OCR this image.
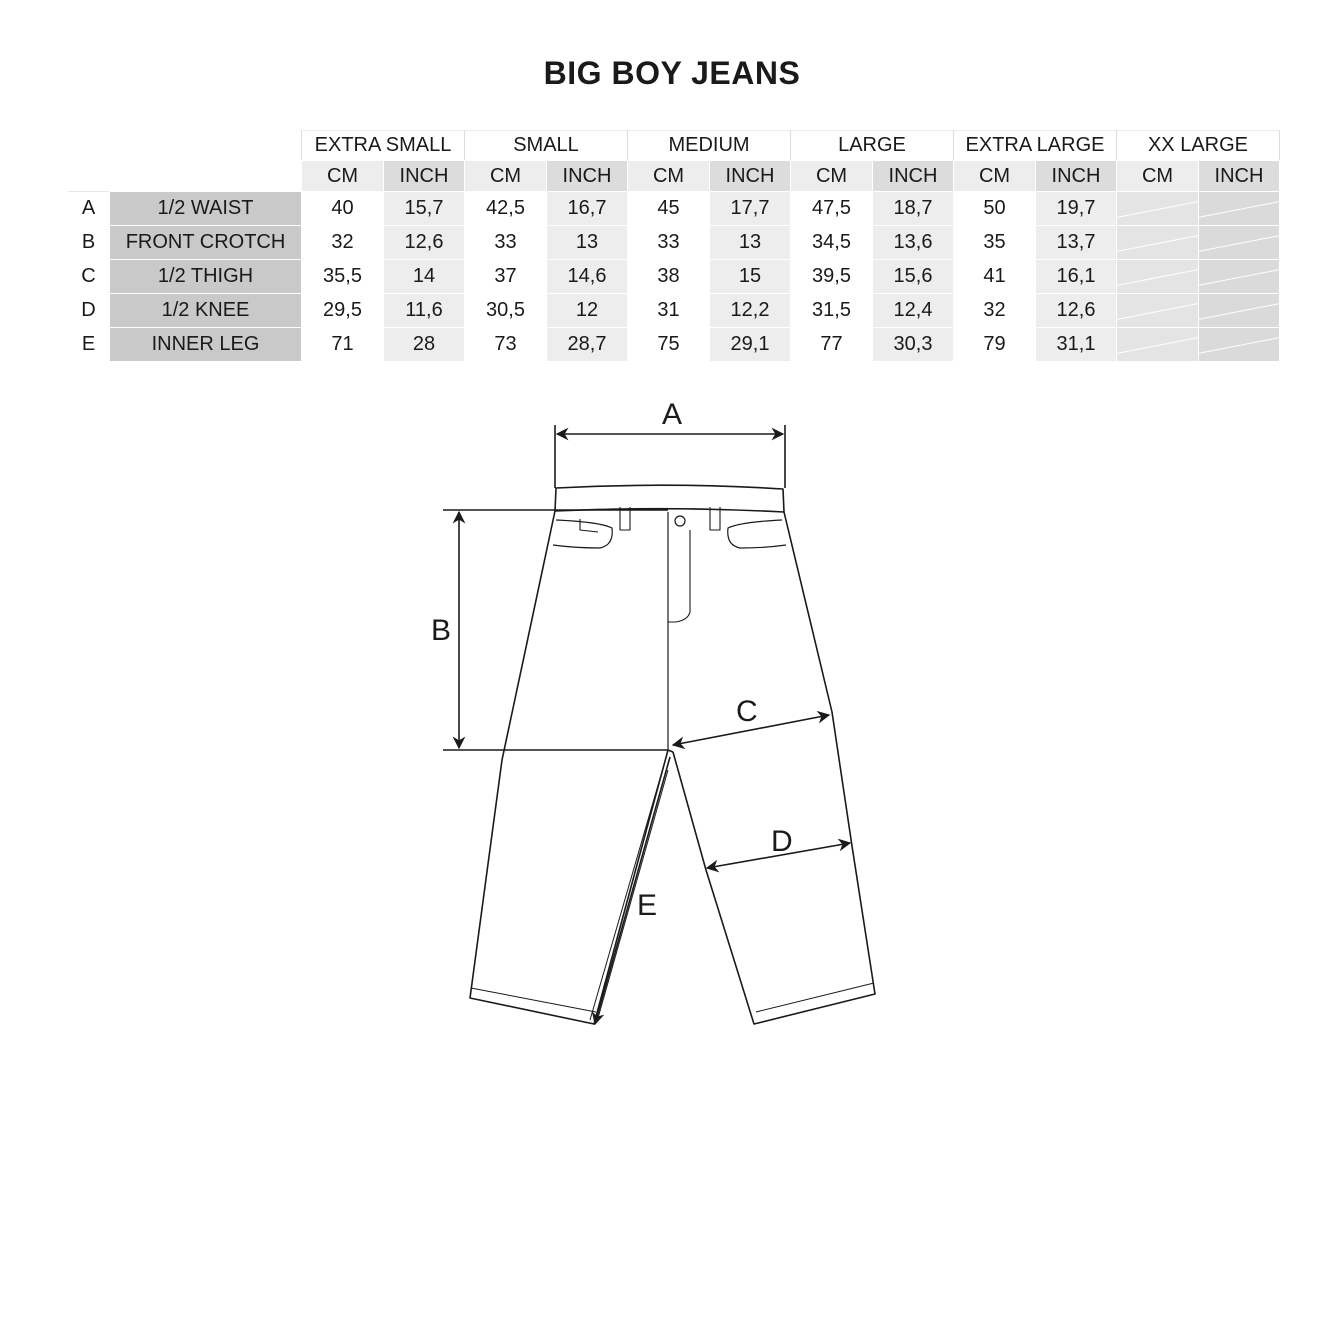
BIG BOY JEANS
		EXTRA SMALL		SMALL		MEDIUM		LARGE		EXTRA LARGE		XX LARGE	
		CM	INCH	CM	INCH	CM	INCH	CM	INCH	CM	INCH	CM	INCH
A	1/2 WAIST	40	15,7	42,5	16,7	45	17,7	47,5	18,7	50	19,7		
B	FRONT CROTCH	32	12,6	33	13	33	13	34,5	13,6	35	13,7		
C	1/2 THIGH	35,5	14	37	14,6	38	15	39,5	15,6	41	16,1		
D	1/2 KNEE	29,5	11,6	30,5	12	31	12,2	31,5	12,4	32	12,6		
E	INNER LEG	71	28	73	28,7	75	29,1	77	30,3	79	31,1		
A
B
C
D
E
